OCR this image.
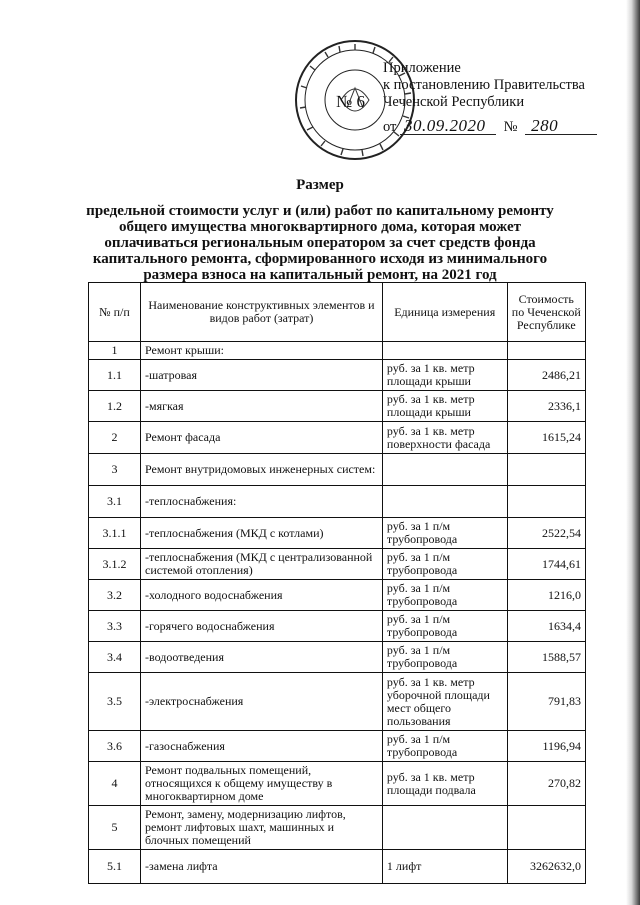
№ 6
Приложение
к постановлению Правительства
Чеченской Республики
от 30.09.2020 № 280
Размер
предельной стоимости услуг и (или) работ по капитальному ремонту
общего имущества многоквартирного дома, которая может
оплачиваться региональным оператором за счет средств фонда
капитального ремонта, сформированного исходя из минимального
размера взноса на капитальный ремонт, на 2021 год
№ п/п	Наименование конструктивных элементов и видов работ (затрат)	Единица измерения	Стоимость по Чеченской Республике
1	Ремонт крыши:		
1.1	-шатровая	руб. за 1 кв. метр площади крыши	2486,21
1.2	-мягкая	руб. за 1 кв. метр площади крыши	2336,1
2	Ремонт фасада	руб. за 1 кв. метр поверхности фасада	1615,24
3	Ремонт внутридомовых инженерных систем:		
3.1	-теплоснабжения:		
3.1.1	-теплоснабжения (МКД с котлами)	руб. за 1 п/м трубопровода	2522,54
3.1.2	-теплоснабжения (МКД с централизованной системой отопления)	руб. за 1 п/м трубопровода	1744,61
3.2	-холодного водоснабжения	руб. за 1 п/м трубопровода	1216,0
3.3	-горячего водоснабжения	руб. за 1 п/м трубопровода	1634,4
3.4	-водоотведения	руб. за 1 п/м трубопровода	1588,57
3.5	-электроснабжения	руб. за 1 кв. метр уборочной площади мест общего пользования	791,83
3.6	-газоснабжения	руб. за 1 п/м трубопровода	1196,94
4	Ремонт подвальных помещений, относящихся к общему имуществу в многоквартирном доме	руб. за 1 кв. метр площади подвала	270,82
5	Ремонт, замену, модернизацию лифтов, ремонт лифтовых шахт, машинных и блочных помещений		
5.1	-замена лифта	1 лифт	3262632,0
